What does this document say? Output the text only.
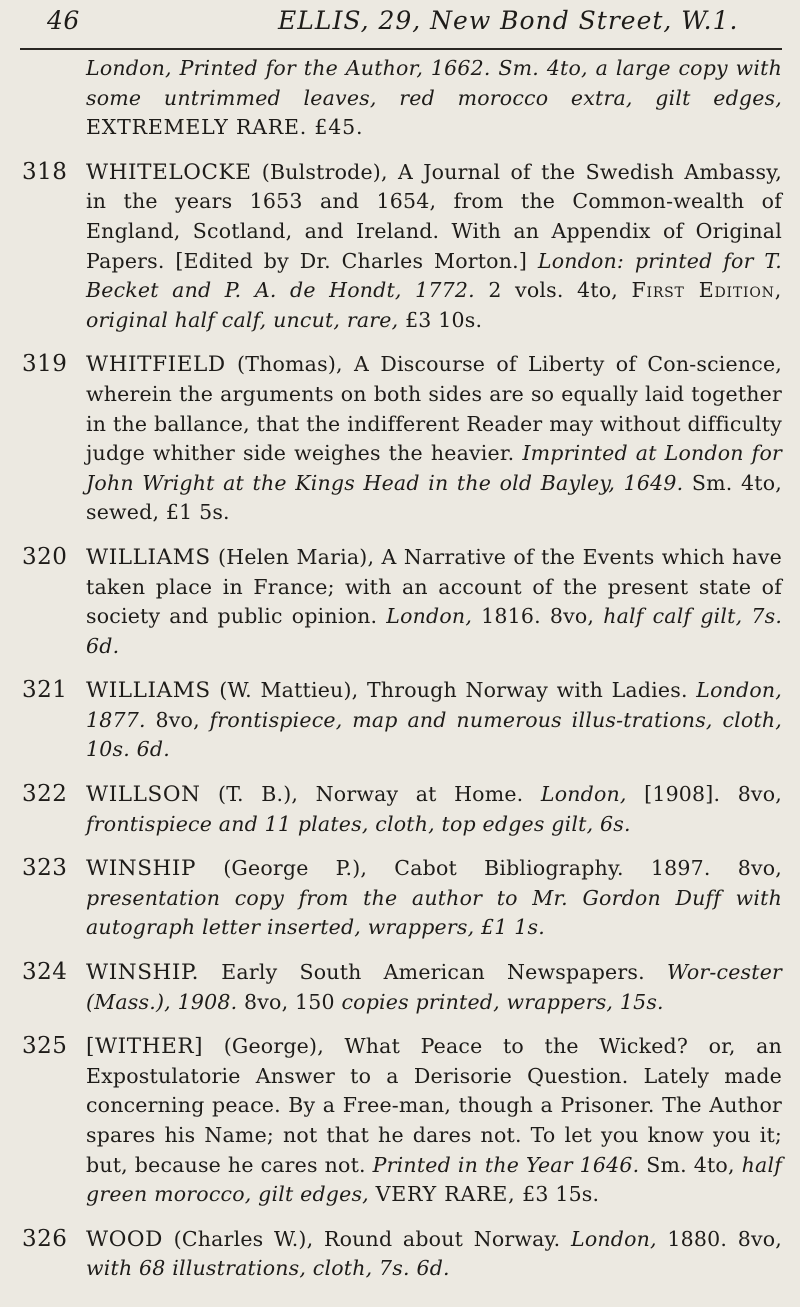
46	ELLIS, 29, New Bond Street, W.1.
London, Printed for the Author, 1662. Sm. 4to, a large copy with some untrimmed leaves, red morocco extra, gilt edges, EXTREMELY RARE. £45.
318 WHITELOCKE (Bulstrode), A Journal of the Swedish Ambassy, in the years 1653 and 1654, from the Common-wealth of England, Scotland, and Ireland. With an Appendix of Original Papers. [Edited by Dr. Charles Morton.] London: printed for T. Becket and P. A. de Hondt, 1772. 2 vols. 4to, First Edition, original half calf, uncut, rare, £3 10s.
319 WHITFIELD (Thomas), A Discourse of Liberty of Con-science, wherein the arguments on both sides are so equally laid together in the ballance, that the indifferent Reader may without difficulty judge whither side weighes the heavier. Imprinted at London for John Wright at the Kings Head in the old Bayley, 1649. Sm. 4to, sewed, £1 5s.
320 WILLIAMS (Helen Maria), A Narrative of the Events which have taken place in France; with an account of the present state of society and public opinion. London, 1816. 8vo, half calf gilt, 7s. 6d.
321 WILLIAMS (W. Mattieu), Through Norway with Ladies. London, 1877. 8vo, frontispiece, map and numerous illus-trations, cloth, 10s. 6d.
322 WILLSON (T. B.), Norway at Home. London, [1908]. 8vo, frontispiece and 11 plates, cloth, top edges gilt, 6s.
323 WINSHIP (George P.), Cabot Bibliography. 1897. 8vo, presentation copy from the author to Mr. Gordon Duff with autograph letter inserted, wrappers, £1 1s.
324 WINSHIP. Early South American Newspapers. Wor-cester (Mass.), 1908. 8vo, 150 copies printed, wrappers, 15s.
325 [WITHER] (George), What Peace to the Wicked? or, an Expostulatorie Answer to a Derisorie Question. Lately made concerning peace. By a Free-man, though a Prisoner. The Author spares his Name; not that he dares not. To let you know you it; but, because he cares not. Printed in the Year 1646. Sm. 4to, half green morocco, gilt edges, VERY RARE, £3 15s.
326 WOOD (Charles W.), Round about Norway. London, 1880. 8vo, with 68 illustrations, cloth, 7s. 6d.
